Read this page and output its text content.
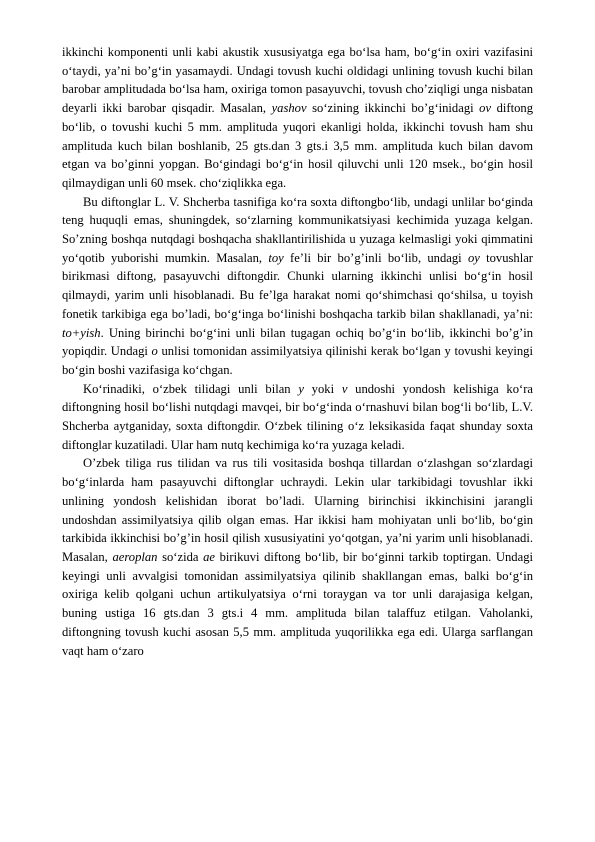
ikkinchi komponenti unli kabi akustik xususiyatga ega boʻlsa ham, boʻgʻin oxiri vazifasini oʻtaydi, yaʼni boʼgʻin yasamaydi. Undagi tovush kuchi oldidagi unlining tovush kuchi bilan barobar amplitudada boʻlsa ham, oxiriga tomon pasayuvchi, tovush choʼziqligi unga nisbatan deyarli ikki barobar qisqadir. Masalan, yashov soʻzining ikkinchi boʼgʻinidagi ov diftong boʻlib, o tovushi kuchi 5 mm. amplituda yuqori ekanligi holda, ikkinchi tovush ham shu amplituda kuch bilan boshlanib, 25 gts.dan 3 gts.i 3,5 mm. amplituda kuch bilan davom etgan va boʼginni yopgan. Boʻgindagi boʻgʻin hosil qiluvchi unli 120 msek., boʻgin hosil qilmaydigan unli 60 msek. choʻziqlikka ega.

Bu diftonglar L. V. Shcherba tasnifiga koʻra soxta diftongboʻlib, undagi unlilar boʻginda teng huquqli emas, shuningdek, soʻzlarning kommunikatsiyasi kechimida yuzaga kelgan. Soʼzning boshqa nutqdagi boshqacha shakllantirilishida u yuzaga kelmasligi yoki qimmatini yoʻqotib yuborishi mumkin. Masalan, toy feʼli bir boʼgʼinli boʻlib, undagi oy tovushlar birikmasi diftong, pasayuvchi diftongdir. Chunki ularning ikkinchi unlisi boʻgʻin hosil qilmaydi, yarim unli hisoblanadi. Bu feʼlga harakat nomi qoʻshimchasi qoʻshilsa, u toyish fonetik tarkibiga ega boʼladi, boʻgʻinga boʻlinishi boshqacha tarkib bilan shakllanadi, yaʼni: to+yish. Uning birinchi boʻgʻini unli bilan tugagan ochiq boʼgʻin boʻlib, ikkinchi boʼgʼin yopiqdir. Undagi o unlisi tomonidan assimilyatsiya qilinishi kerak boʻlgan y tovushi keyingi boʻgin boshi vazifasiga koʻchgan.

Koʻrinadiki, oʻzbek tilidagi unli bilan y yoki v undoshi yondosh kelishiga koʻra diftongning hosil boʻlishi nutqdagi mavqei, bir boʻgʻinda oʻrnashuvi bilan bogʻli boʻlib, L.V. Shcherba aytganiday, soxta diftongdir. Oʻzbek tilining oʻz leksikasida faqat shunday soxta diftonglar kuzatiladi. Ular ham nutq kechimiga koʻra yuzaga keladi.

Oʼzbek tiliga rus tilidan va rus tili vositasida boshqa tillardan oʻzlashgan soʻzlardagi boʻgʻinlarda ham pasayuvchi diftonglar uchraydi. Lekin ular tarkibidagi tovushlar ikki unlining yondosh kelishidan iborat boʼladi. Ularning birinchisi ikkinchisini jarangli undoshdan assimilyatsiya qilib olgan emas. Har ikkisi ham mohiyatan unli boʻlib, boʻgin tarkibida ikkinchisi boʼgʼin hosil qilish xususiyatini yoʻqotgan, yaʼni yarim unli hisoblanadi. Masalan, aeroplan soʻzida ae birikuvi diftong boʻlib, bir boʻginni tarkib toptirgan. Undagi keyingi unli avvalgisi tomonidan assimilyatsiya qilinib shakllangan emas, balki boʻgʻin oxiriga kelib qolgani uchun artikulyatsiya oʻrni toraygan va tor unli darajasiga kelgan, buning ustiga 16 gts.dan 3 gts.i 4 mm. amplituda bilan talaffuz etilgan. Vaholanki, diftongning tovush kuchi asosan 5,5 mm. amplituda yuqorilikka ega edi. Ularga sarflangan vaqt ham oʻzaro
